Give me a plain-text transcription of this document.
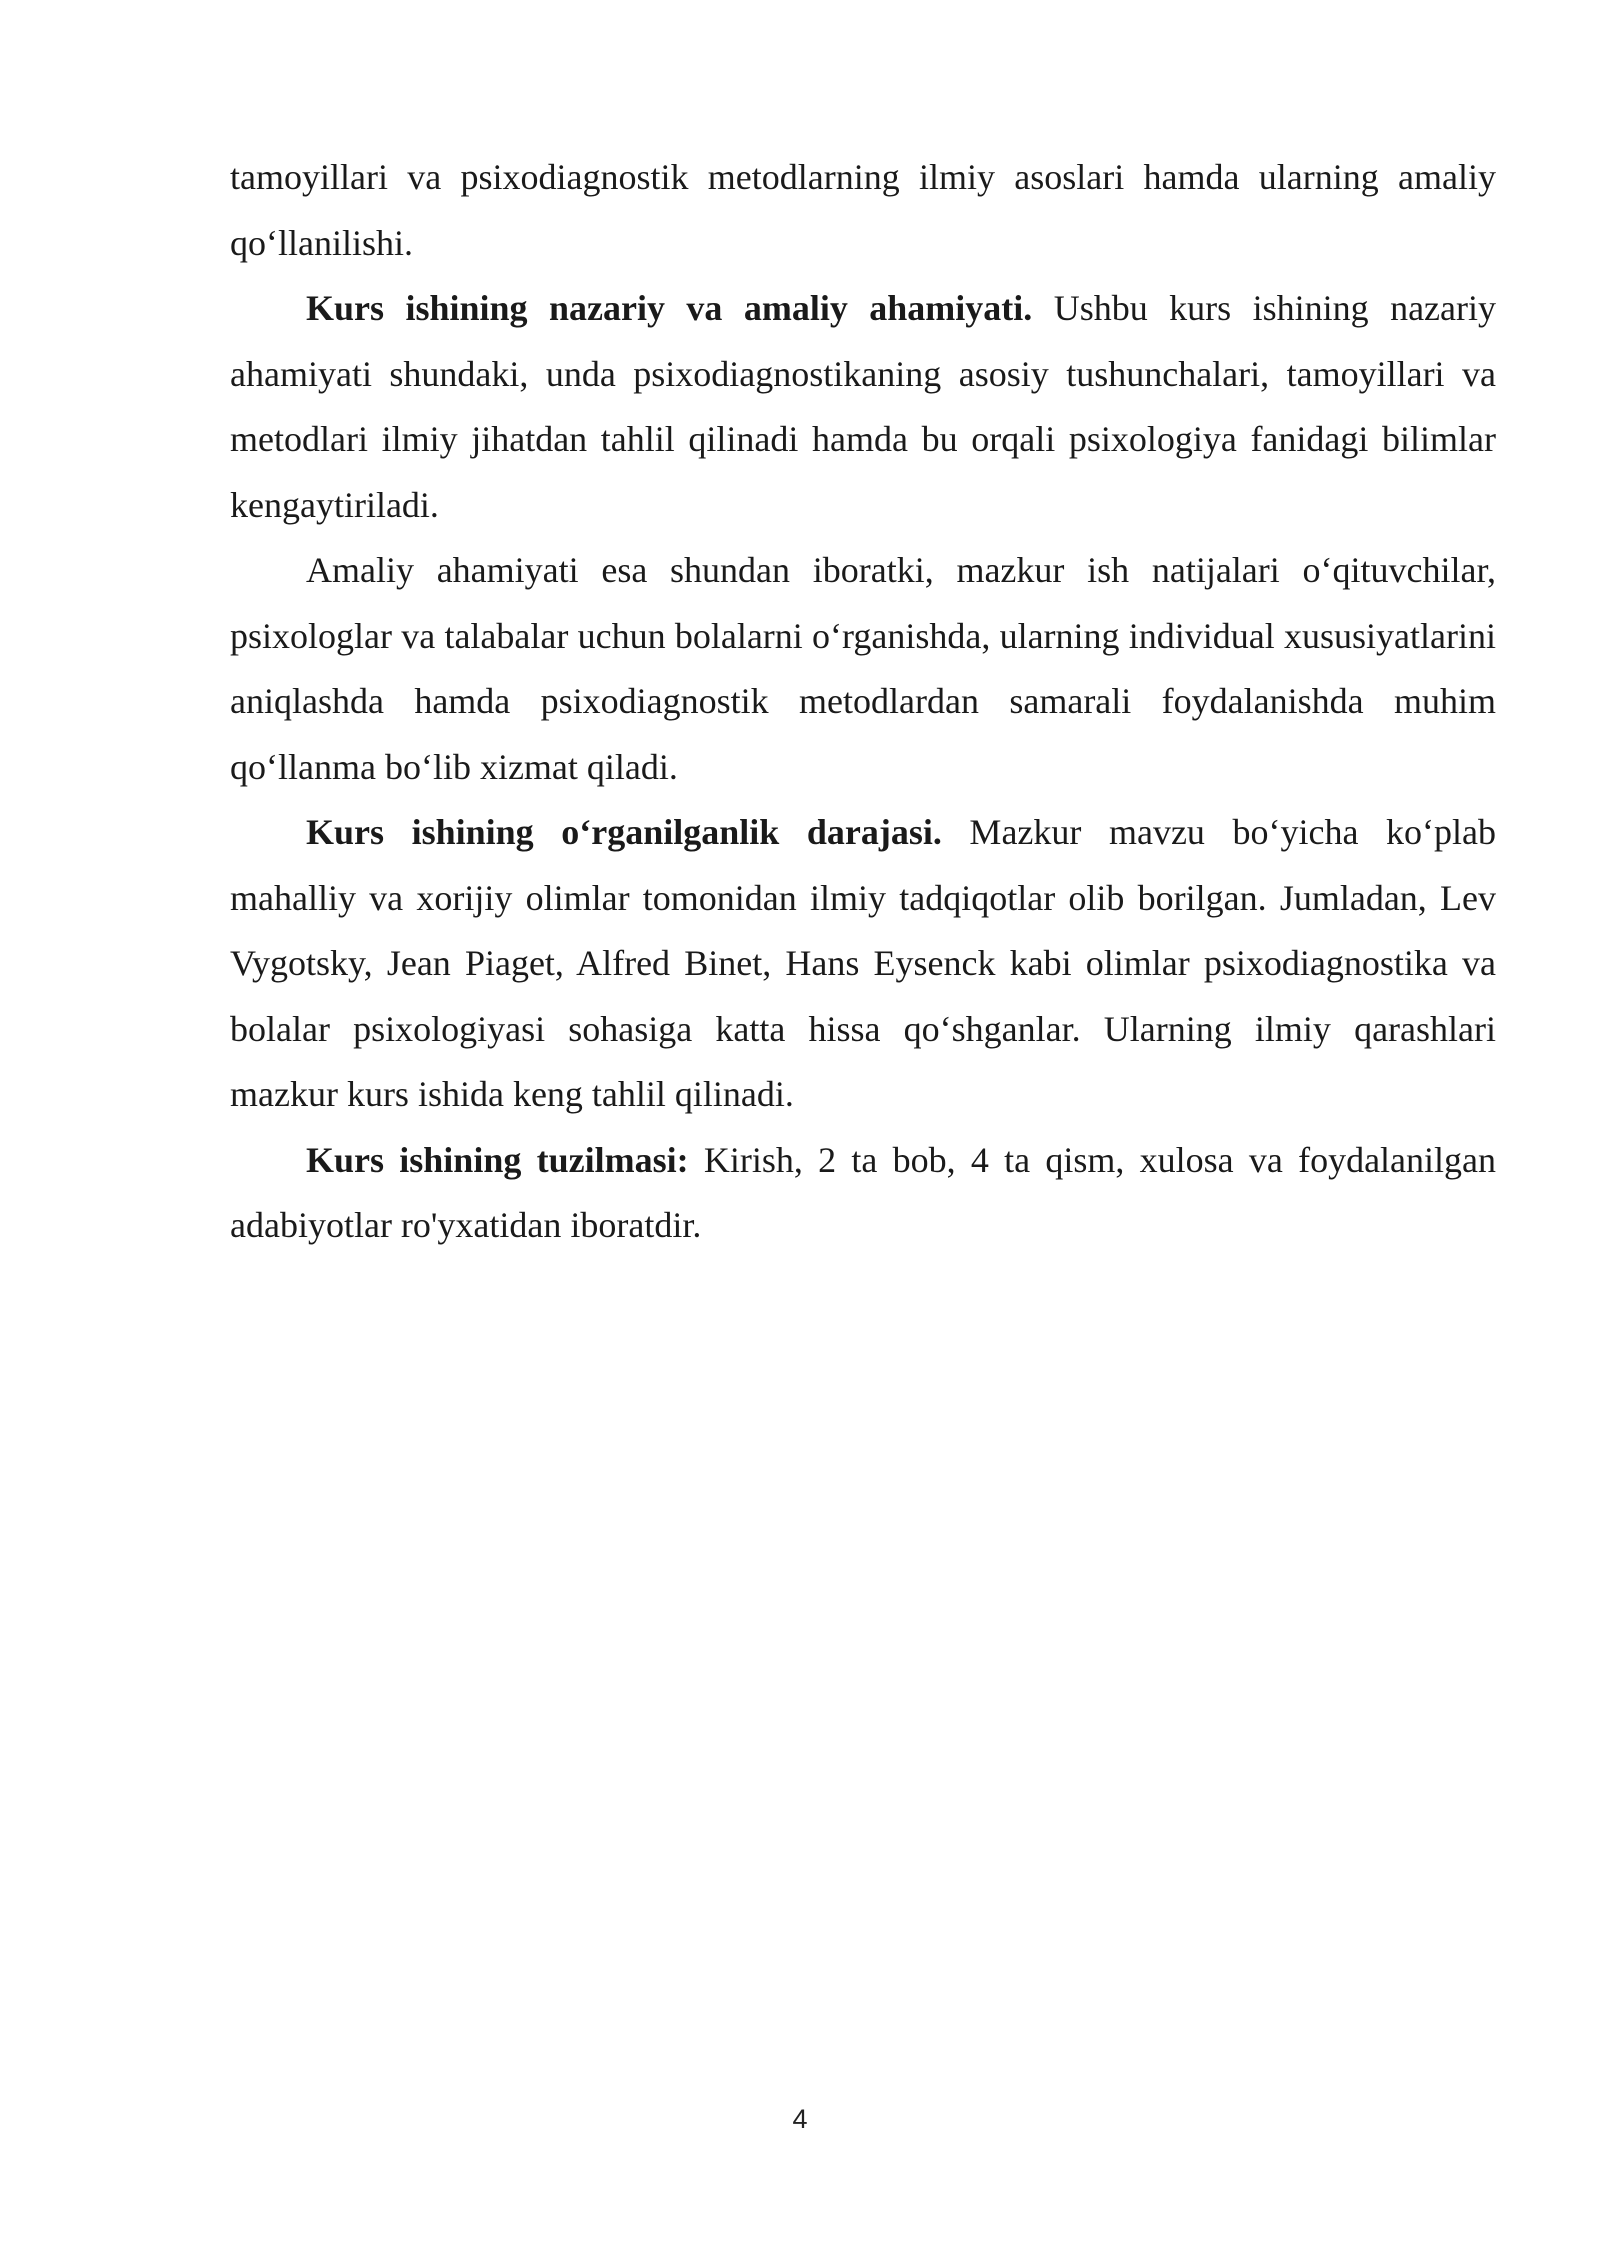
tamoyillari va psixodiagnostik metodlarning ilmiy asoslari hamda ularning amaliy qo‘llanilishi.

Kurs ishining nazariy va amaliy ahamiyati. Ushbu kurs ishining nazariy ahamiyati shundaki, unda psixodiagnostikaning asosiy tushunchalari, tamoyillari va metodlari ilmiy jihatdan tahlil qilinadi hamda bu orqali psixologiya fanidagi bilimlar kengaytiriladi.

Amaliy ahamiyati esa shundan iboratki, mazkur ish natijalari o‘qituvchilar, psixologlar va talabalar uchun bolalarni o‘rganishda, ularning individual xususiyatlarini aniqlashda hamda psixodiagnostik metodlardan samarali foydalanishda muhim qo‘llanma bo‘lib xizmat qiladi.

Kurs ishining o‘rganilganlik darajasi. Mazkur mavzu bo‘yicha ko‘plab mahalliy va xorijiy olimlar tomonidan ilmiy tadqiqotlar olib borilgan. Jumladan, Lev Vygotsky, Jean Piaget, Alfred Binet, Hans Eysenck kabi olimlar psixodiagnostika va bolalar psixologiyasi sohasiga katta hissa qo‘shganlar. Ularning ilmiy qarashlari mazkur kurs ishida keng tahlil qilinadi.

Kurs ishining tuzilmasi: Kirish, 2 ta bob, 4 ta qism, xulosa va foydalanilgan adabiyotlar ro'yxatidan iboratdir.

4
